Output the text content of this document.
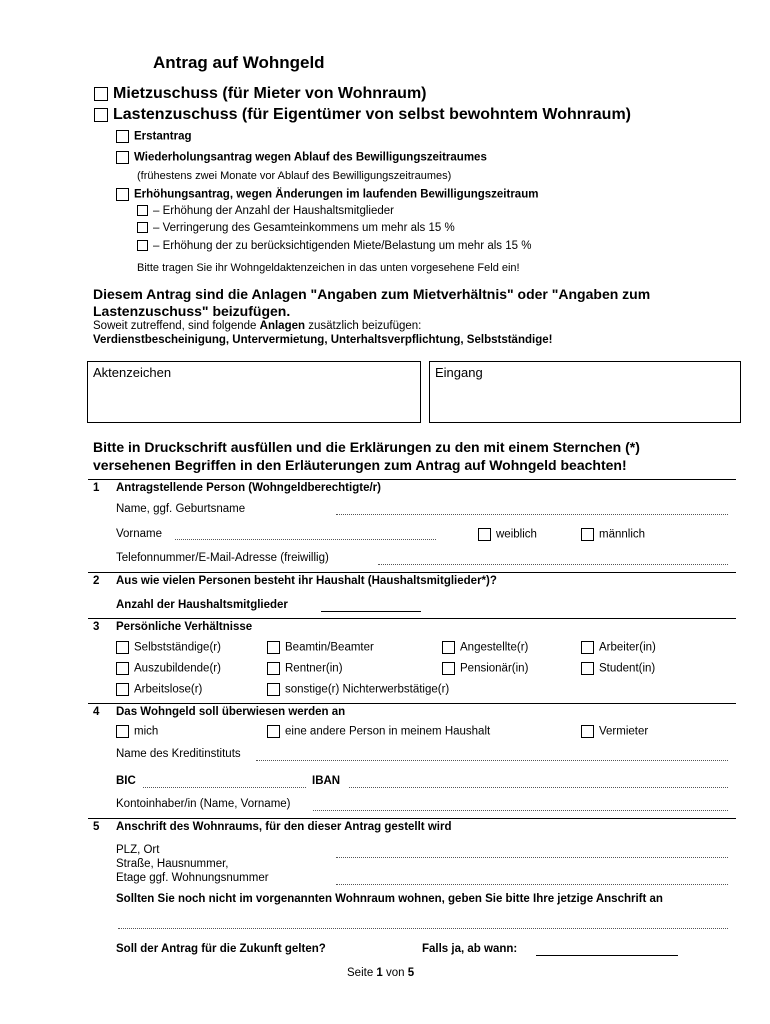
Antrag auf Wohngeld
Mietzuschuss (für Mieter von Wohnraum)
Lastenzuschuss (für Eigentümer von selbst bewohntem Wohnraum)
Erstantrag
Wiederholungsantrag wegen Ablauf des Bewilligungszeitraumes
(frühestens zwei Monate vor Ablauf des Bewilligungszeitraumes)
Erhöhungsantrag, wegen Änderungen im laufenden Bewilligungszeitraum
– Erhöhung der Anzahl der Haushaltsmitglieder
– Verringerung des Gesamteinkommens um mehr als 15 %
– Erhöhung der zu berücksichtigenden Miete/Belastung um mehr als 15 %
Bitte tragen Sie ihr Wohngeldaktenzeichen in das unten vorgesehene Feld ein!
Diesem Antrag sind die Anlagen "Angaben zum Mietverhältnis" oder "Angaben zum
Lastenzuschuss" beizufügen.
Soweit zutreffend, sind folgende Anlagen zusätzlich beizufügen:
Verdienstbescheinigung, Untervermietung, Unterhaltsverpflichtung, Selbstständige!
Aktenzeichen	Eingang
Bitte in Druckschrift ausfüllen und die Erklärungen zu den mit einem Sternchen (*)
versehenen Begriffen in den Erläuterungen zum Antrag auf Wohngeld beachten!
1 Antragstellende Person (Wohngeldberechtigte/r)
Name, ggf. Geburtsname
Vorname	weiblich	männlich
Telefonnummer/E-Mail-Adresse (freiwillig)
2 Aus wie vielen Personen besteht ihr Haushalt (Haushaltsmitglieder*)?
Anzahl der Haushaltsmitglieder
3 Persönliche Verhältnisse
Selbstständige(r)	Beamtin/Beamter	Angestellte(r)	Arbeiter(in)
Auszubildende(r)	Rentner(in)	Pensionär(in)	Student(in)
Arbeitslose(r)	sonstige(r) Nichterwerbstätige(r)
4 Das Wohngeld soll überwiesen werden an
mich	eine andere Person in meinem Haushalt	Vermieter
Name des Kreditinstituts
BIC	IBAN
Kontoinhaber/in (Name, Vorname)
5 Anschrift des Wohnraums, für den dieser Antrag gestellt wird
PLZ, Ort
Straße, Hausnummer,
Etage ggf. Wohnungsnummer
Sollten Sie noch nicht im vorgenannten Wohnraum wohnen, geben Sie bitte Ihre jetzige Anschrift an
Soll der Antrag für die Zukunft gelten?	Falls ja, ab wann:
Seite 1 von 5
